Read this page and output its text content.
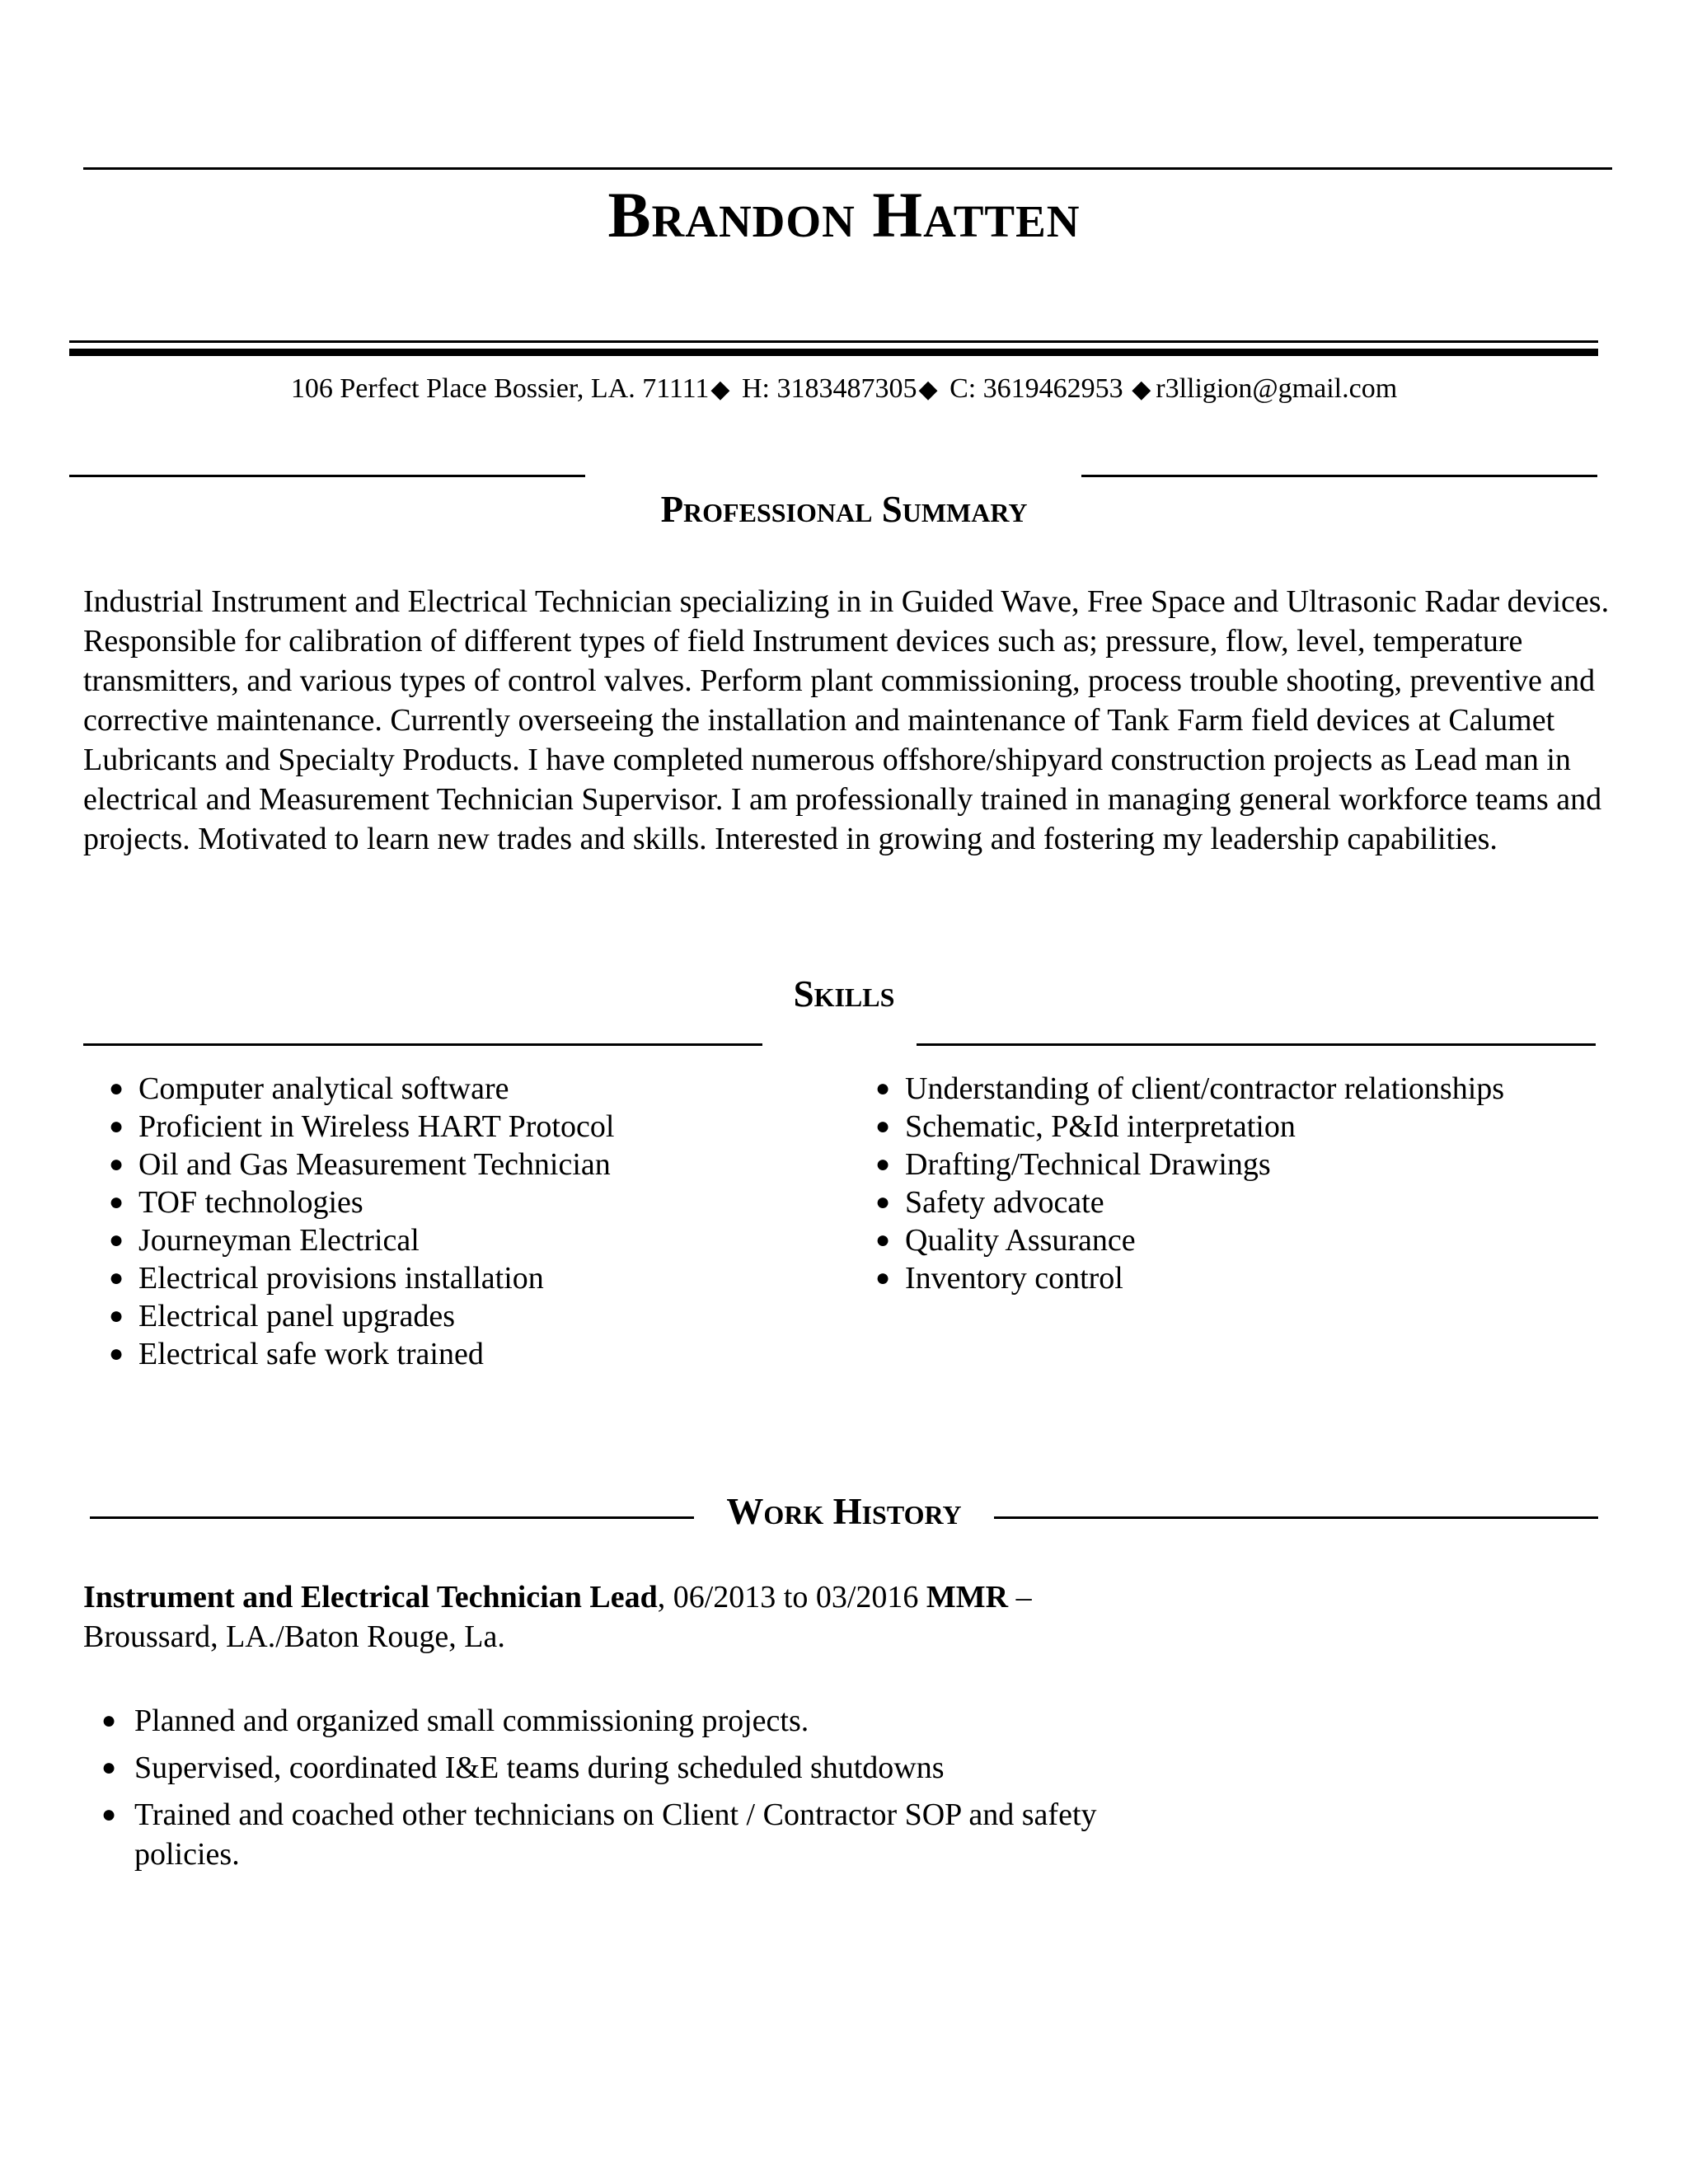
Brandon Hatten
106 Perfect Place Bossier, LA. 71111◆ H: 3183487305◆ C: 3619462953 ◆ r3lligion@gmail.com
Professional Summary
Industrial Instrument and Electrical Technician specializing in in Guided Wave, Free Space and Ultrasonic Radar devices. Responsible for calibration of different types of field Instrument devices such as; pressure, flow, level, temperature transmitters, and various types of control valves. Perform plant commissioning, process trouble shooting, preventive and corrective maintenance. Currently overseeing the installation and maintenance of Tank Farm field devices at Calumet Lubricants and Specialty Products. I have completed numerous offshore/shipyard construction projects as Lead man in electrical and Measurement Technician Supervisor. I am professionally trained in managing general workforce teams and projects. Motivated to learn new trades and skills. Interested in growing and fostering my leadership capabilities.
Skills
● Computer analytical software
● Proficient in Wireless HART Protocol
● Oil and Gas Measurement Technician
● TOF technologies
● Journeyman Electrical
● Electrical provisions installation
● Electrical panel upgrades
● Electrical safe work trained
● Understanding of client/contractor relationships
● Schematic, P&Id interpretation
● Drafting/Technical Drawings
● Safety advocate
● Quality Assurance
● Inventory control
Work History
Instrument and Electrical Technician Lead, 06/2013 to 03/2016 MMR –
Broussard, LA./Baton Rouge, La.
● Planned and organized small commissioning projects.
● Supervised, coordinated I&E teams during scheduled shutdowns
● Trained and coached other technicians on Client / Contractor SOP and safety policies.
